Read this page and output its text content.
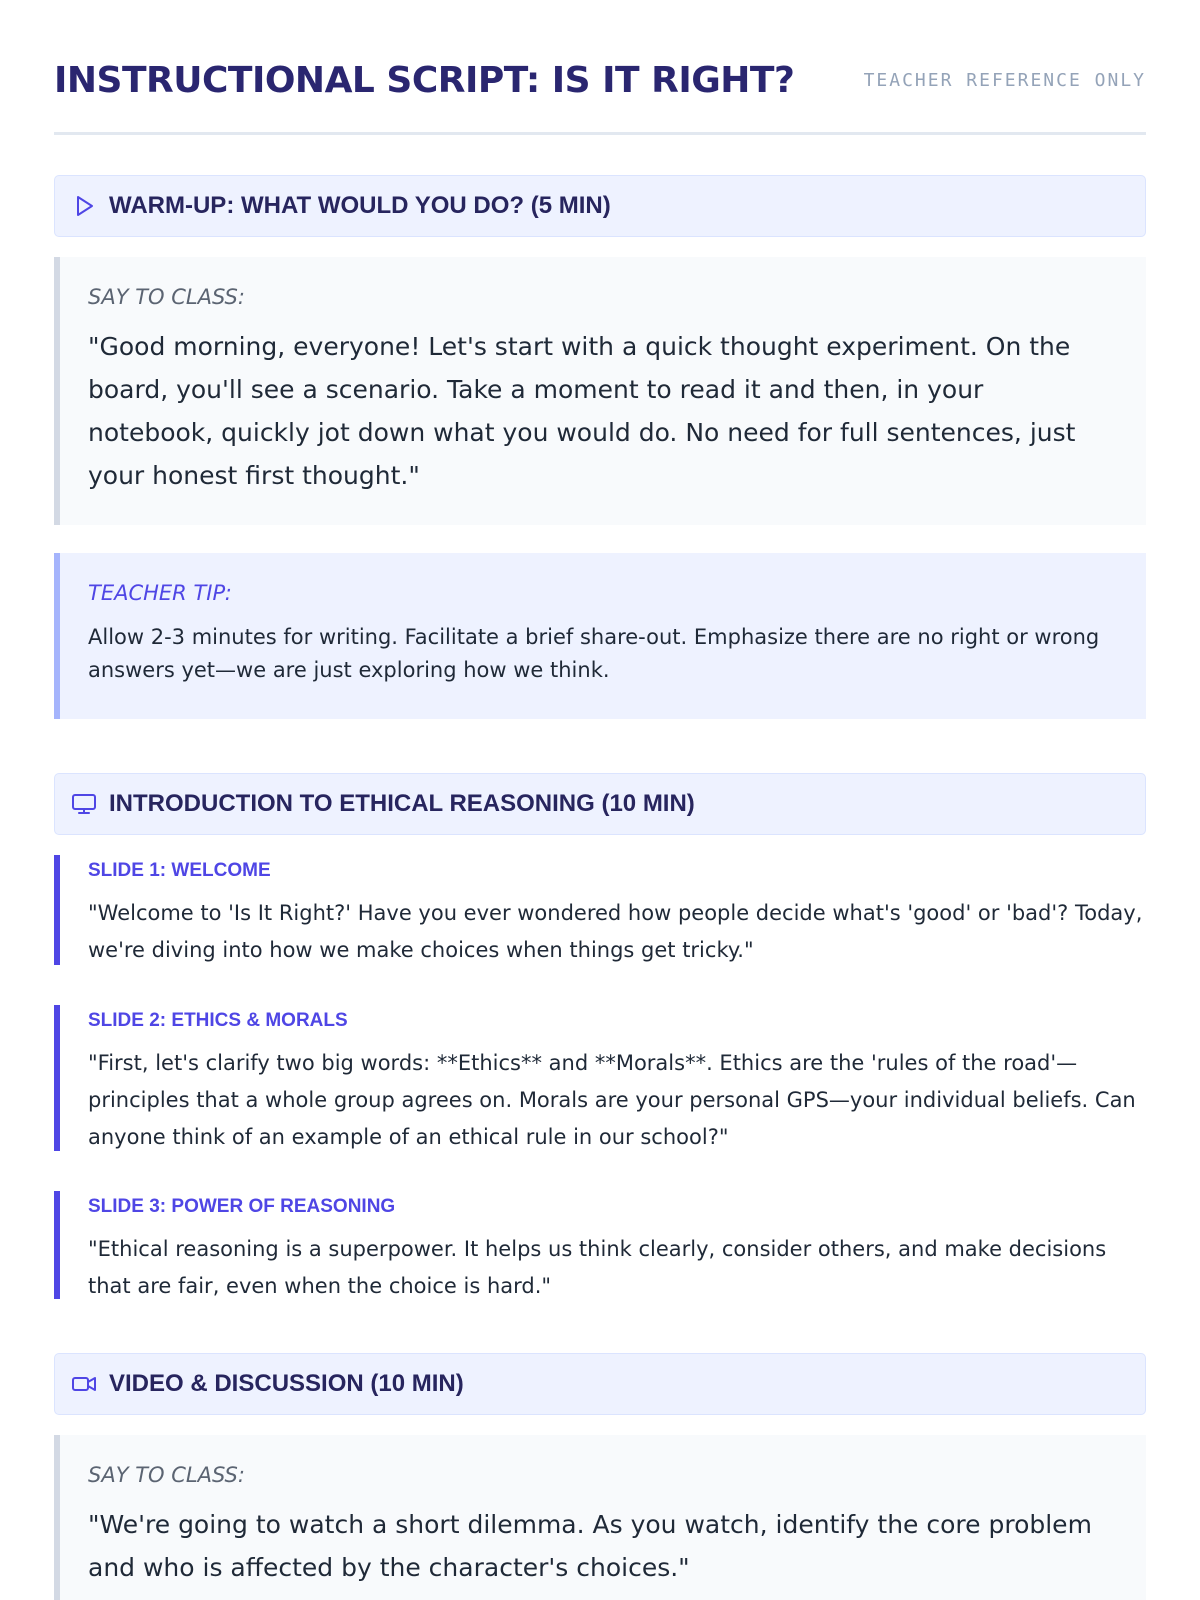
INSTRUCTIONAL SCRIPT: IS IT RIGHT?	TEACHER REFERENCE ONLY
WARM-UP: WHAT WOULD YOU DO? (5 MIN)

SAY TO CLASS:

"Good morning, everyone! Let's start with a quick thought experiment. On the board, you'll see a scenario. Take a moment to read it and then, in your notebook, quickly jot down what you would do. No need for full sentences, just your honest first thought."

TEACHER TIP:

Allow 2-3 minutes for writing. Facilitate a brief share-out. Emphasize there are no right or wrong answers yet—we are just exploring how we think.

INTRODUCTION TO ETHICAL REASONING (10 MIN)

SLIDE 1: WELCOME

"Welcome to 'Is It Right?' Have you ever wondered how people decide what's 'good' or 'bad'? Today, we're diving into how we make choices when things get tricky."

SLIDE 2: ETHICS & MORALS

"First, let's clarify two big words: **Ethics** and **Morals**. Ethics are the 'rules of the road'—principles that a whole group agrees on. Morals are your personal GPS—your individual beliefs. Can anyone think of an example of an ethical rule in our school?"

SLIDE 3: POWER OF REASONING

"Ethical reasoning is a superpower. It helps us think clearly, consider others, and make decisions that are fair, even when the choice is hard."

VIDEO & DISCUSSION (10 MIN)

SAY TO CLASS:

"We're going to watch a short dilemma. As you watch, identify the core problem and who is affected by the character's choices."
